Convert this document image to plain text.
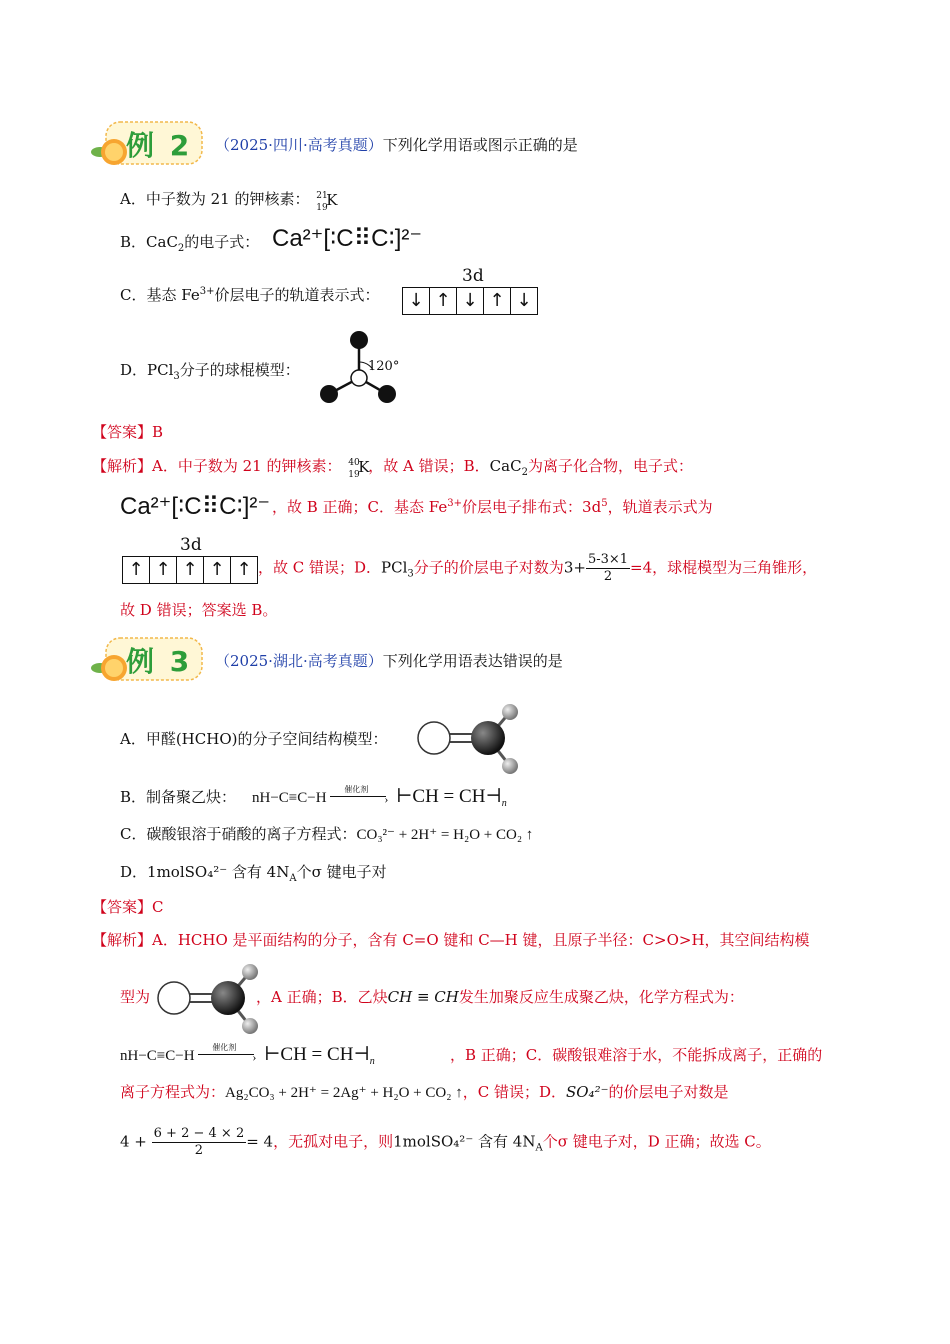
例 2 （2025·四川·高考真题）下列化学用语或图示正确的是
A．中子数为 21 的钾核素： 21
19
K
B．CaC$_2$的电子式： Ca²⁺[∶C⠿C∶]²⁻
3d
C．基态 $Fe^{3+}$价层电子的轨道表示式：	↓ ↑ ↓ ↑ ↓
D．PCl$_3$分子的球棍模型：	120°
【答案】B
【解析】A．中子数为 21 的钾核素： 40
19
K
，故 A 错误；B．CaC$_2$为离子化合物，电子式：
Ca²⁺[∶C⠿C∶]²⁻ ，故 B 正确；C．基态 $Fe^{3+}$价层电子排布式：$3d^5$，轨道表示式为
3d
↑ ↑ ↑ ↑ ↑ ，故 C 错误；D．PCl$_3$分子的价层电子对数为$3+ \frac{5-3\times 1}{2} =4$，球棍模型为三角锥形，
故 D 错误；答案选 B。
例 3 （2025·湖北·高考真题）下列化学用语表达错误的是
A．甲醛(HCHO)的分子空间结构模型：
B．制备聚乙炔： nH−C≡C−H
催化剂
› ⊢CH = $CH⊣_n$
C．碳酸银溶于硝酸的离子方程式：CO₃²⁻ + 2H⁺ = H₂O + CO₂ ↑
D．1molSO₄²⁻ 含有 $4N_A$个σ 键电子对
【答案】C
【解析】A．HCHO 是平面结构的分子，含有 C=O 键和 C—H 键，且原子半径：C>O>H，其空间结构模
型为	，A 正确；B．乙炔CH ≡ CH发生加聚反应生成聚乙炔，化学方程式为：
nH−C≡C−H
催化剂
› ⊢CH = $CH⊣_n$	，B 正确；C．碳酸银难溶于水，不能拆成离子，正确的
离子方程式为：Ag₂CO₃ + 2H⁺ = 2Ag⁺ + H₂O + CO₂ ↑，C 错误；D．SO₄²⁻的价层电子对数是
$4 + \frac{6 + 2 - 4 \times 2}{2} = 4$，无孤对电子，则1molSO₄²⁻ 含有 $4N_A$个σ 键电子对，D 正确；故选 C。
